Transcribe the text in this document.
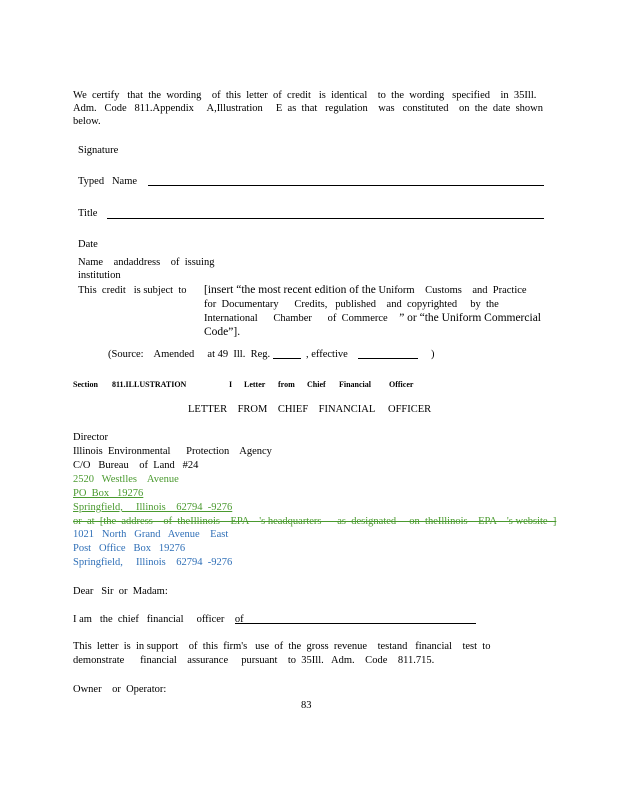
We  certify   that  the  wording    of  this  letter  of  credit   is  identical    to  the  wording   specified    in  35Ill.

Adm.   Code   811.Appendix     A,Illustration     E  as  that   regulation    was   constituted    on  the  date  shown

below.

Signature

Typed   Name

Title

Date

Name    andaddress    of  issuing

institution

This  credit   is subject  to [insert “the most recent edition of the Uniform    Customs    and  Practice

for  Documentary      Credits,   published    and  copyrighted     by  the

International      Chamber      of  Commerce    ” or “the Uniform Commercial

Code”].

(Source:    Amended     at 49  Ill.  Reg.	, effective	)

Section 811.ILLUSTRATION	I Letter from Chief Financial Officer

LETTER    FROM    CHIEF    FINANCIAL     OFFICER

Director

Illinois  Environmental      Protection    Agency

C/O   Bureau    of  Land   #24

2520   Westlles    Avenue

PO  Box   19276

Springfield,     Illinois    62794  -9276

or  at  [the  address    of  theIllinois    EPA    's headquarters      as  designated     on  theIllinois    EPA    's website  ]

1021   North   Grand   Avenue    East

Post   Office   Box   19276

Springfield,     Illinois    62794  -9276

Dear   Sir  or  Madam:

I am   the  chief   financial     officer    of

This  letter  is  in support    of  this  firm's   use  of  the  gross  revenue    testand   financial    test  to

demonstrate      financial    assurance     pursuant    to  35Ill.   Adm.    Code    811.715.

Owner    or  Operator:

83
